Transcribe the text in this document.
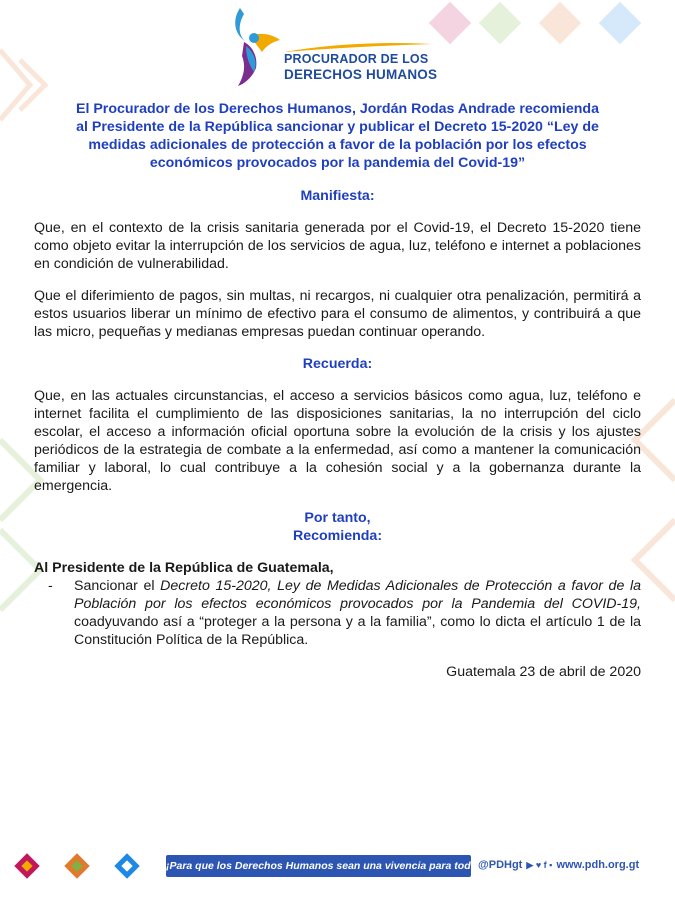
PROCURADOR DE LOS
DERECHOS HUMANOS
El Procurador de los Derechos Humanos, Jordán Rodas Andrade recomienda
al Presidente de la República sancionar y publicar el Decreto 15-2020 “Ley de
medidas adicionales de protección a favor de la población por los efectos
económicos provocados por la pandemia del Covid-19”

Manifiesta:

Que, en el contexto de la crisis sanitaria generada por el Covid-19, el Decreto 15-2020 tiene como objeto evitar la interrupción de los servicios de agua, luz, teléfono e internet a poblaciones en condición de vulnerabilidad.

Que el diferimiento de pagos, sin multas, ni recargos, ni cualquier otra penalización, permitirá a estos usuarios liberar un mínimo de efectivo para el consumo de alimentos, y contribuirá a que las micro, pequeñas y medianas empresas puedan continuar operando.

Recuerda:

Que, en las actuales circunstancias, el acceso a servicios básicos como agua, luz, teléfono e internet facilita el cumplimiento de las disposiciones sanitarias, la no interrupción del ciclo escolar, el acceso a información oficial oportuna sobre la evolución de la crisis y los ajustes periódicos de la estrategia de combate a la enfermedad, así como a mantener la comunicación familiar y laboral, lo cual contribuye a la cohesión social y a la gobernanza durante la emergencia.

Por tanto,

Recomienda:

Al Presidente de la República de Guatemala,

-	Sancionar el Decreto 15-2020, Ley de Medidas Adicionales de Protección a favor de la Población por los efectos económicos provocados por la Pandemia del COVID-19, coadyuvando así a “proteger a la persona y a la familia”, como lo dicta el artículo 1 de la Constitución Política de la República.

Guatemala 23 de abril de 2020

¡Para que los Derechos Humanos sean una vivencia para todos!
@PDHgt ▶ ♥ f ▪ www.pdh.org.gt
